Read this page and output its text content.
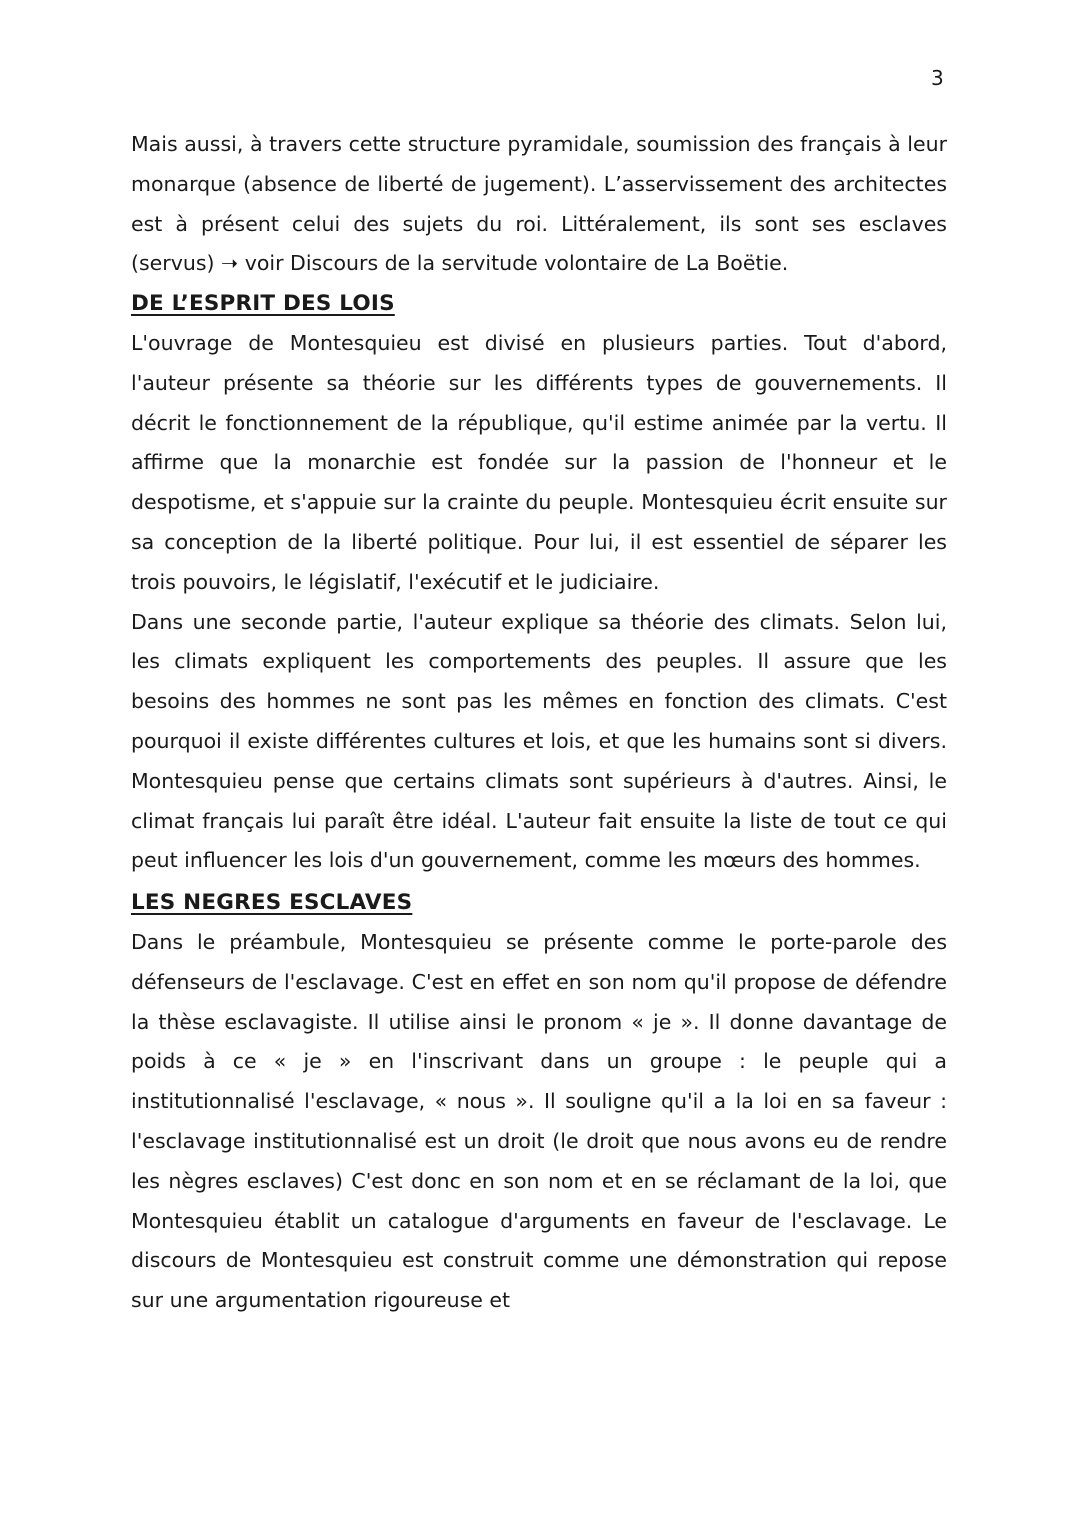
3

Mais aussi, à travers cette structure pyramidale, soumission des français à leur monarque (absence de liberté de jugement). L’asservissement des architectes est à présent celui des sujets du roi. Littéralement, ils sont ses esclaves (servus) ➝ voir Discours de la servitude volontaire de La Boëtie.

DE L’ESPRIT DES LOIS

L'ouvrage de Montesquieu est divisé en plusieurs parties. Tout d'abord, l'auteur présente sa théorie sur les différents types de gouvernements. Il décrit le fonctionnement de la république, qu'il estime animée par la vertu. Il affirme que la monarchie est fondée sur la passion de l'honneur et le despotisme, et s'appuie sur la crainte du peuple. Montesquieu écrit ensuite sur sa conception de la liberté politique. Pour lui, il est essentiel de séparer les trois pouvoirs, le législatif, l'exécutif et le judiciaire.

Dans une seconde partie, l'auteur explique sa théorie des climats. Selon lui, les climats expliquent les comportements des peuples. Il assure que les besoins des hommes ne sont pas les mêmes en fonction des climats. C'est pourquoi il existe différentes cultures et lois, et que les humains sont si divers. Montesquieu pense que certains climats sont supérieurs à d'autres. Ainsi, le climat français lui paraît être idéal. L'auteur fait ensuite la liste de tout ce qui peut influencer les lois d'un gouvernement, comme les mœurs des hommes.

LES NEGRES ESCLAVES

Dans le préambule, Montesquieu se présente comme le porte-parole des défenseurs de l'esclavage. C'est en effet en son nom qu'il propose de défendre la thèse esclavagiste. Il utilise ainsi le pronom « je ». Il donne davantage de poids à ce « je » en l'inscrivant dans un groupe : le peuple qui a institutionnalisé l'esclavage, « nous ». Il souligne qu'il a la loi en sa faveur : l'esclavage institutionnalisé est un droit (le droit que nous avons eu de rendre les nègres esclaves) C'est donc en son nom et en se réclamant de la loi, que Montesquieu établit un catalogue d'arguments en faveur de l'esclavage. Le discours de Montesquieu est construit comme une démonstration qui repose sur une argumentation rigoureuse et
